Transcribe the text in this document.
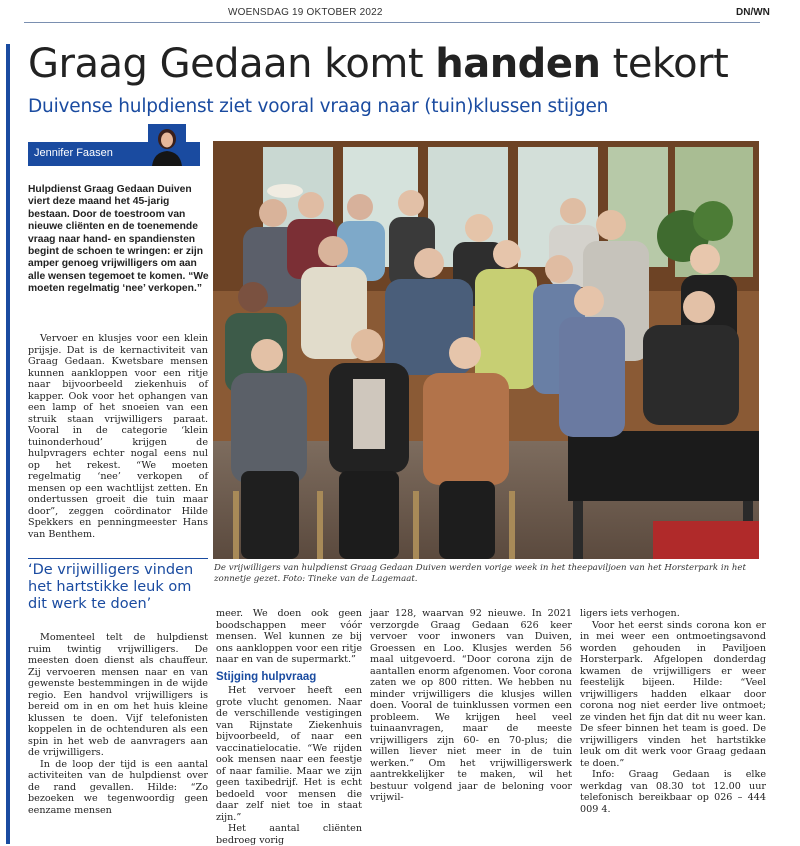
WOENSDAG 19 OKTOBER 2022	DN/WN
Graag Gedaan komt handen tekort
Duivense hulpdienst ziet vooral vraag naar (tuin)klussen stijgen
Jennifer Faasen
Hulpdienst Graag Gedaan Duiven viert deze maand het 45-jarig bestaan. Door de toestroom van nieuwe cliënten en de toenemende vraag naar hand- en spandiensten begint de schoen te wringen: er zijn amper genoeg vrijwilligers om aan alle wensen tegemoet te komen. “We moeten regelmatig ‘nee’ verkopen.”

Vervoer en klusjes voor een klein prijsje. Dat is de kernactiviteit van Graag Gedaan. Kwetsbare mensen kunnen aankloppen voor een ritje naar bijvoorbeeld ziekenhuis of kapper. Ook voor het ophangen van een lamp of het snoeien van een struik staan vrijwilligers paraat. Vooral in de categorie ‘klein tuinonderhoud’ krijgen de hulpvragers echter nogal eens nul op het rekest. “We moeten regelmatig ‘nee’ verkopen of mensen op een wachtlijst zetten. En ondertussen groeit die tuin maar door”, zeggen coördinator Hilde Spekkers en penningmeester Hans van Benthem.

‘De vrijwilligers vinden het hartstikke leuk om dit werk te doen’

Momenteel telt de hulpdienst ruim twintig vrijwilligers. De meesten doen dienst als chauffeur. Zij vervoeren mensen naar en van gewenste bestemmingen in de wijde regio. Een handvol vrijwilligers is bereid om in en om het huis kleine klussen te doen. Vijf telefonisten koppelen in de ochtenduren als een spin in het web de aanvragers aan de vrijwilligers.

In de loop der tijd is een aantal activiteiten van de hulpdienst over de rand gevallen. Hilde: “Zo bezoeken we tegenwoordig geen eenzame mensen

De vrijwilligers van hulpdienst Graag Gedaan Duiven werden vorige week in het theepaviljoen van het Horsterpark in het zonnetje gezet. Foto: Tineke van de Lagemaat.

meer. We doen ook geen boodschappen meer vóór mensen. Wel kunnen ze bij ons aankloppen voor een ritje naar en van de supermarkt.”

Stijging hulpvraag

Het vervoer heeft een grote vlucht genomen. Naar de verschillende vestigingen van Rijnstate Ziekenhuis bijvoorbeeld, of naar een vaccinatielocatie. “We rijden ook mensen naar een feestje of naar familie. Maar we zijn geen taxibedrijf. Het is echt bedoeld voor mensen die daar zelf niet toe in staat zijn.”

Het aantal cliënten bedroeg vorig

jaar 128, waarvan 92 nieuwe. In 2021 verzorgde Graag Gedaan 626 keer vervoer voor inwoners van Duiven, Groessen en Loo. Klusjes werden 56 maal uitgevoerd. “Door corona zijn de aantallen enorm afgenomen. Voor corona zaten we op 800 ritten. We hebben nu minder vrijwilligers die klusjes willen doen. Vooral de tuinklussen vormen een probleem. We krijgen heel veel tuinaanvragen, maar de meeste vrijwilligers zijn 60- en 70-plus; die willen liever niet meer in de tuin werken.” Om het vrijwilligerswerk aantrekkelijker te maken, wil het bestuur volgend jaar de beloning voor vrijwil-

ligers iets verhogen.

Voor het eerst sinds corona kon er in mei weer een ontmoetingsavond worden gehouden in Paviljoen Horsterpark. Afgelopen donderdag kwamen de vrijwilligers er weer feestelijk bijeen. Hilde: “Veel vrijwilligers hadden elkaar door corona nog niet eerder live ontmoet; ze vinden het fijn dat dit nu weer kan. De sfeer binnen het team is goed. De vrijwilligers vinden het hartstikke leuk om dit werk voor Graag gedaan te doen.”

Info: Graag Gedaan is elke werkdag van 08.30 tot 12.00 uur telefonisch bereikbaar op 026 – 444 009 4.
